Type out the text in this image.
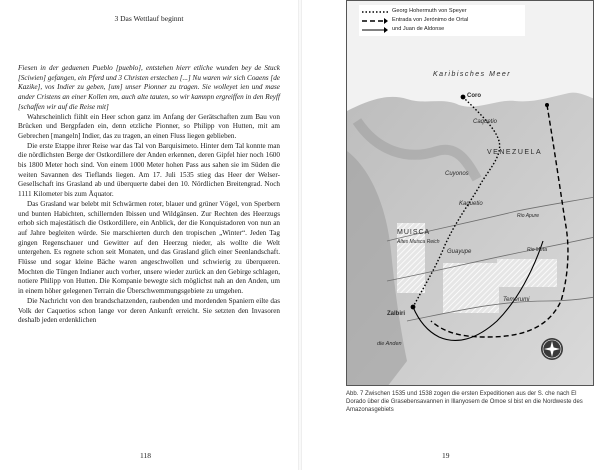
3 Das Wettlauf beginnt

Fiesen in der geduenen Pueblo [pueblo], entstehen hierr etliche wunden bey de Stuck [Sciwien] gefangen, ein Pferd und 3 Christen erstechen [...] Nu waren wir sich Coaens [de Kazike], vos Indier zu geben, [um] unser Pionner zu tragen. Sie wolleyet ien und mase ander Cristens an einer Kollen nm, auch alte tauten, so wir kamnpn ergreiffen in den Reyff [schaffen wir auf die Reise mit]

Wahrscheinlich fiihlt ein Heer schon ganz im Anfang der Gerätschaften zum Bau von Brücken und Bergpfaden ein, denn etzliche Pionner, so Philipp von Hutten, mit am Gebrechen [mangeln] Indier, das zu tragen, an einen Fluss liegen geblieben.

Die erste Etappe ihrer Reise war das Tal von Barquisimeto. Hinter dem Tal konnte man die nördlichsten Berge der Ostkordillere der Anden erkennen, deren Gipfel hier noch 1600 bis 1800 Meter hoch sind. Von einem 1000 Meter hohen Pass aus sahen sie im Süden die weiten Savannen des Tieflands liegen. Am 17. Juli 1535 stieg das Heer der Welser-Gesellschaft ins Grasland ab und überquerte dabei den 10. Nördlichen Breitengrad. Noch 1111 Kilometer bis zum Äquator.

Das Grasland war belebt mit Schwärmen roter, blauer und grüner Vögel, von Sperbern und bunten Habichten, schillernden Ibissen und Wildgänsen. Zur Rechten des Heerzugs erhob sich majestätisch die Ostkordillere, ein Anblick, der die Konquistadoren von nun an auf Jahre begleiten würde. Sie marschierten durch den tropischen „Winter“. Jeden Tag gingen Regenschauer und Gewitter auf den Heerzug nieder, als wollte die Welt untergehen. Es regnete schon seit Monaten, und das Grasland glich einer Seenlandschaft. Flüsse und sogar kleine Bäche waren angeschwollen und schwierig zu überqueren. Mochten die Tüngen Indianer auch vorher, unsere wieder zurück an den Gebirge schlagen, notiere Philipp von Hutten. Die Kompanie bewegte sich möglichst nah an den Anden, um in einem höher gelegenen Terrain die Überschwemmungsgebiete zu umgehen.

Die Nachricht von den brandschatzenden, raubenden und mordenden Spaniern eilte das Volk der Caquetios schon lange vor deren Ankunft erreicht. Sie setzten den Invasoren deshalb jeden erdenklichen

118
Georg Hohermuth von Speyer
Entrada von Jerónimo de Ortal
und Juan de Aldonse
Karibisches Meer
Coro
VENEZUELA
Cuyonos
Caquetio
Kaquetio
MUISCA
Altes Muisca Reich
Guayupe
Temerumi
Zalbiri
die Anden
Rio Apure
Rio Meta
Abb. 7 Zwischen 1535 und 1538 zogen die ersten Expeditionen aus der S. che nach El Dorado über die Grasebensavannen in Illanyosem de Omoe sl bist en die Nordweste des Amazonasgebiets
19
